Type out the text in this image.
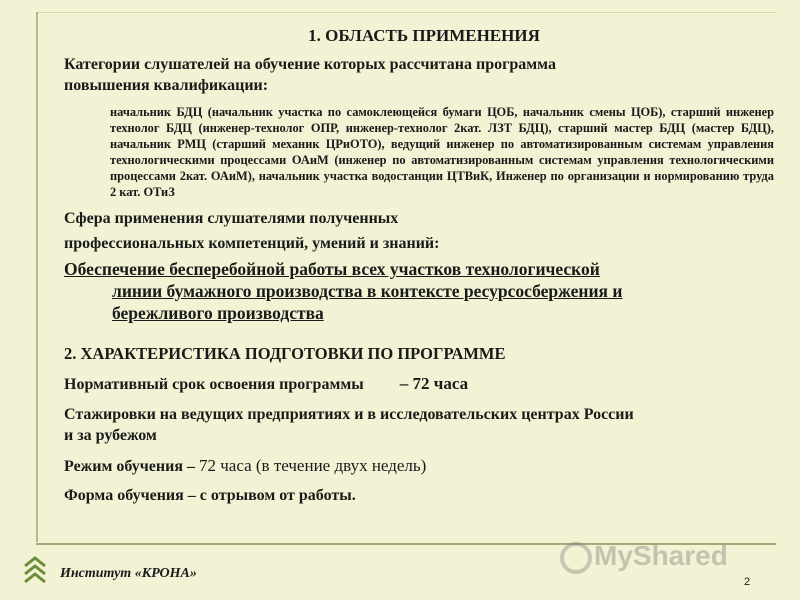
1. ОБЛАСТЬ ПРИМЕНЕНИЯ

Категории слушателей на обучение которых рассчитана программа

повышения квалификации:

начальник БДЦ (начальник участка по самоклеющейся бумаги ЦОБ, начальник смены ЦОБ), старший инженер технолог БДЦ (инженер-технолог ОПР, инженер-технолог 2кат. ЛЗТ БДЦ), старший мастер БДЦ (мастер БДЦ), начальник РМЦ (старший механик ЦРиОТО), ведущий инженер по автоматизированным системам управления технологическими процессами ОАиМ (инженер по автоматизированным системам управления технологическими процессами 2кат. ОАиМ), начальник участка водостанции ЦТВиК, Инженер по организации и нормированию труда 2 кат. ОТиЗ

Сфера применения слушателями полученных

профессиональных компетенций, умений и знаний:

Обеспечение бесперебойной работы всех участков технологической
линии бумажного производства в контексте ресурсосбержения и
бережливого производства
2. ХАРАКТЕРИСТИКА ПОДГОТОВКИ ПО ПРОГРАММЕ

Нормативный срок освоения программы – 72 часа

Стажировки на ведущих предприятиях и в исследовательских центрах России

и за рубежом

Режим обучения – 72 часа (в течение двух недель)

Форма обучения – с отрывом от работы.

Институт «КРОНА»
MyShared
2
